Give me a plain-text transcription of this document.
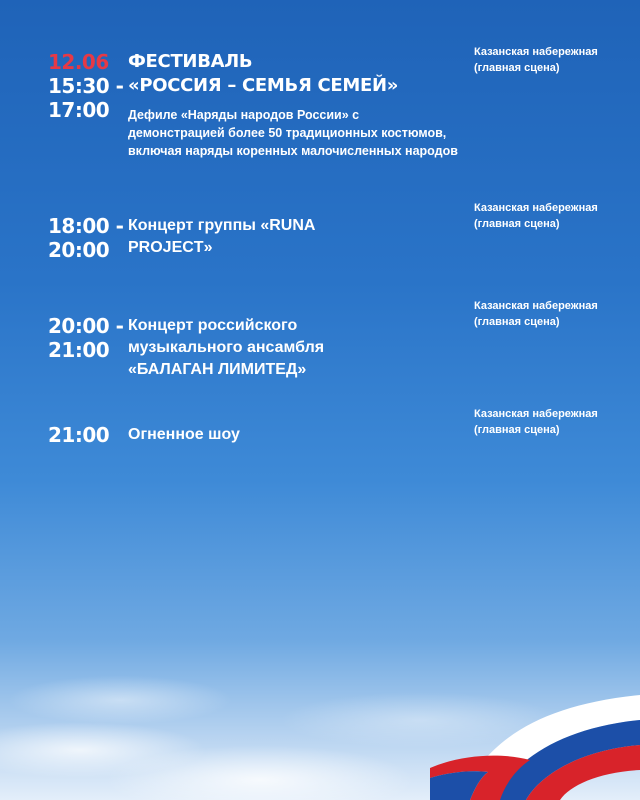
12.06
15:30 - 17:00
ФЕСТИВАЛЬ
«РОССИЯ – СЕМЬЯ СЕМЕЙ»
Дефиле «Наряды народов России» с демонстрацией более 50 традиционных костюмов, включая наряды коренных малочисленных народов
Казанская набережная (главная сцена)
18:00 - 20:00
Концерт группы «RUNA PROJECT»
Казанская набережная (главная сцена)
20:00 - 21:00
Концерт российского музыкального ансамбля «БАЛАГАН ЛИМИТЕД»
Казанская набережная (главная сцена)
21:00	Огненное шоу
Казанская набережная (главная сцена)
